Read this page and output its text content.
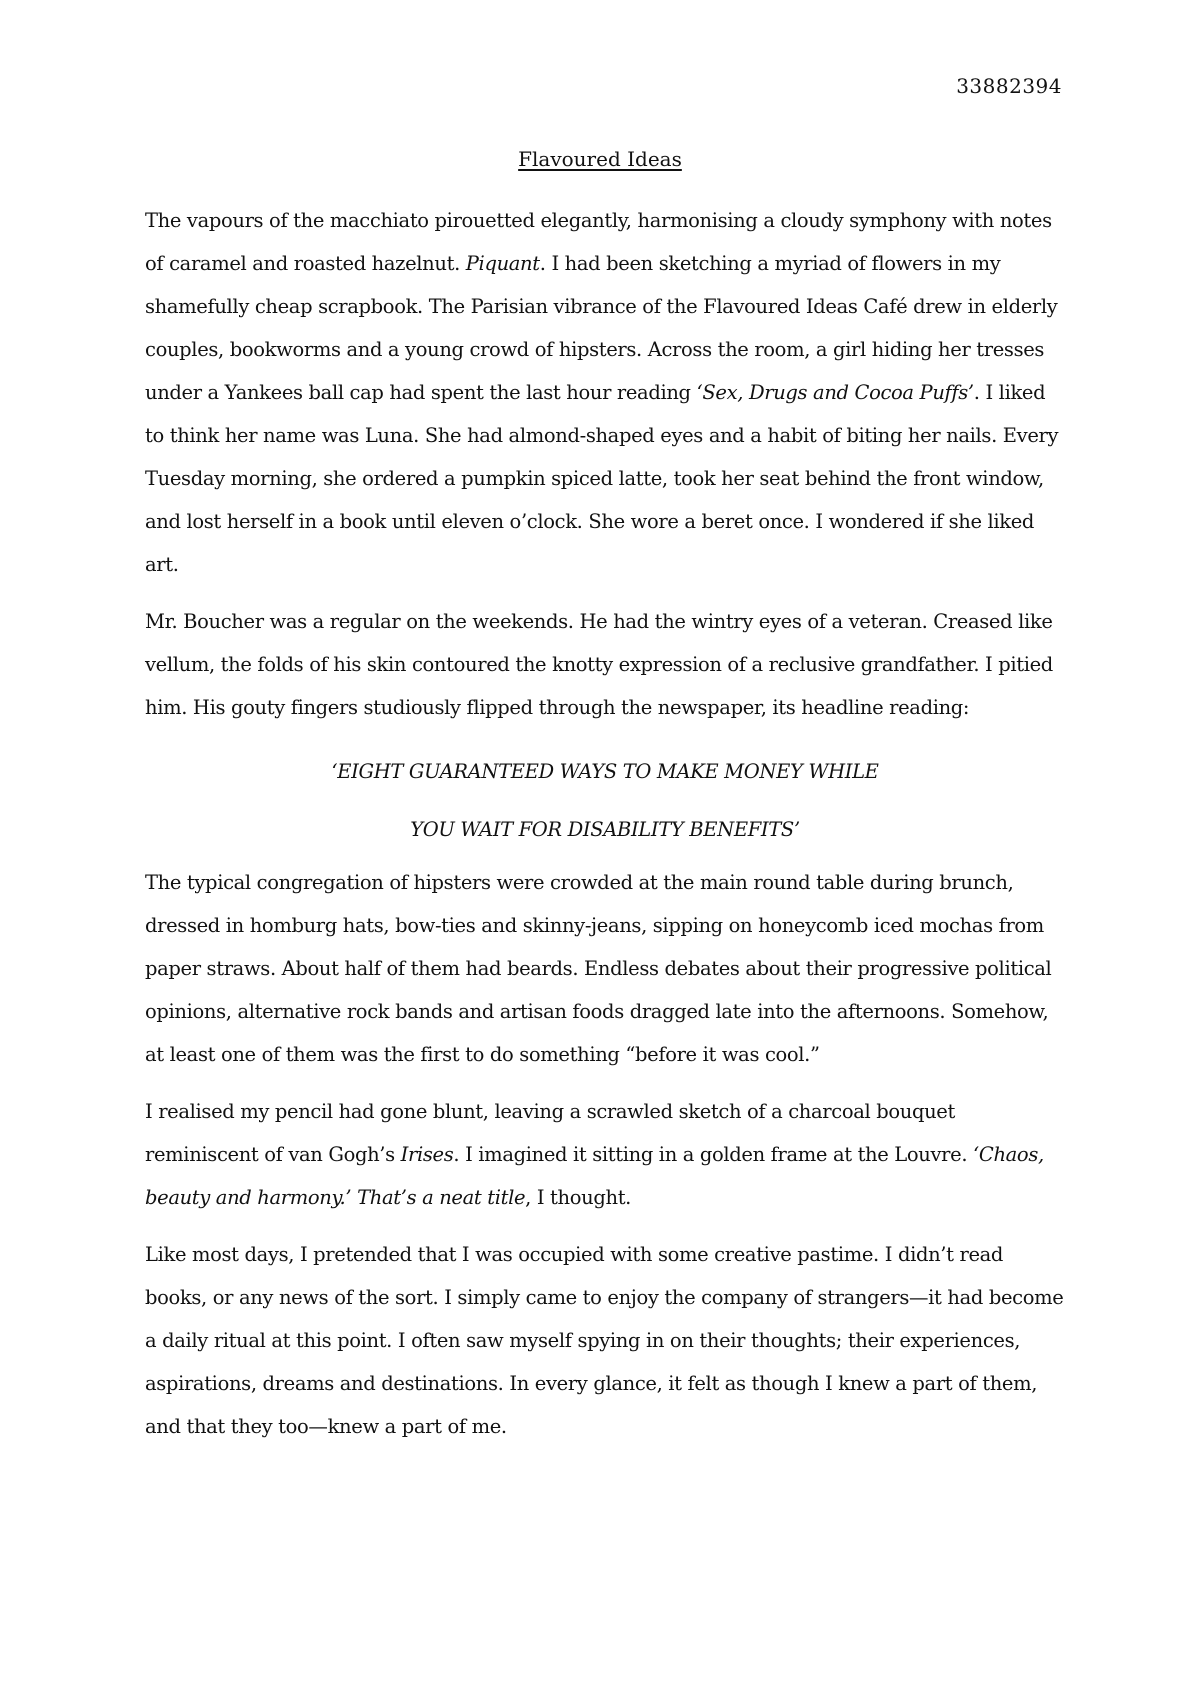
33882394
Flavoured Ideas

The vapours of the macchiato pirouetted elegantly, harmonising a cloudy symphony with notes of caramel and roasted hazelnut. Piquant. I had been sketching a myriad of flowers in my shamefully cheap scrapbook. The Parisian vibrance of the Flavoured Ideas Café drew in elderly couples, bookworms and a young crowd of hipsters. Across the room, a girl hiding her tresses under a Yankees ball cap had spent the last hour reading ‘Sex, Drugs and Cocoa Puffs’. I liked to think her name was Luna. She had almond-shaped eyes and a habit of biting her nails. Every Tuesday morning, she ordered a pumpkin spiced latte, took her seat behind the front window, and lost herself in a book until eleven o’clock. She wore a beret once. I wondered if she liked art.

Mr. Boucher was a regular on the weekends. He had the wintry eyes of a veteran. Creased like vellum, the folds of his skin contoured the knotty expression of a reclusive grandfather. I pitied him. His gouty fingers studiously flipped through the newspaper, its headline reading:

‘EIGHT GUARANTEED WAYS TO MAKE MONEY WHILE

YOU WAIT FOR DISABILITY BENEFITS’

The typical congregation of hipsters were crowded at the main round table during brunch, dressed in homburg hats, bow-ties and skinny-jeans, sipping on honeycomb iced mochas from paper straws. About half of them had beards. Endless debates about their progressive political opinions, alternative rock bands and artisan foods dragged late into the afternoons. Somehow, at least one of them was the first to do something “before it was cool.”

I realised my pencil had gone blunt, leaving a scrawled sketch of a charcoal bouquet reminiscent of van Gogh’s Irises. I imagined it sitting in a golden frame at the Louvre. ‘Chaos, beauty and harmony.’ That’s a neat title, I thought.

Like most days, I pretended that I was occupied with some creative pastime. I didn’t read books, or any news of the sort. I simply came to enjoy the company of strangers—it had become a daily ritual at this point. I often saw myself spying in on their thoughts; their experiences, aspirations, dreams and destinations. In every glance, it felt as though I knew a part of them, and that they too—knew a part of me.
